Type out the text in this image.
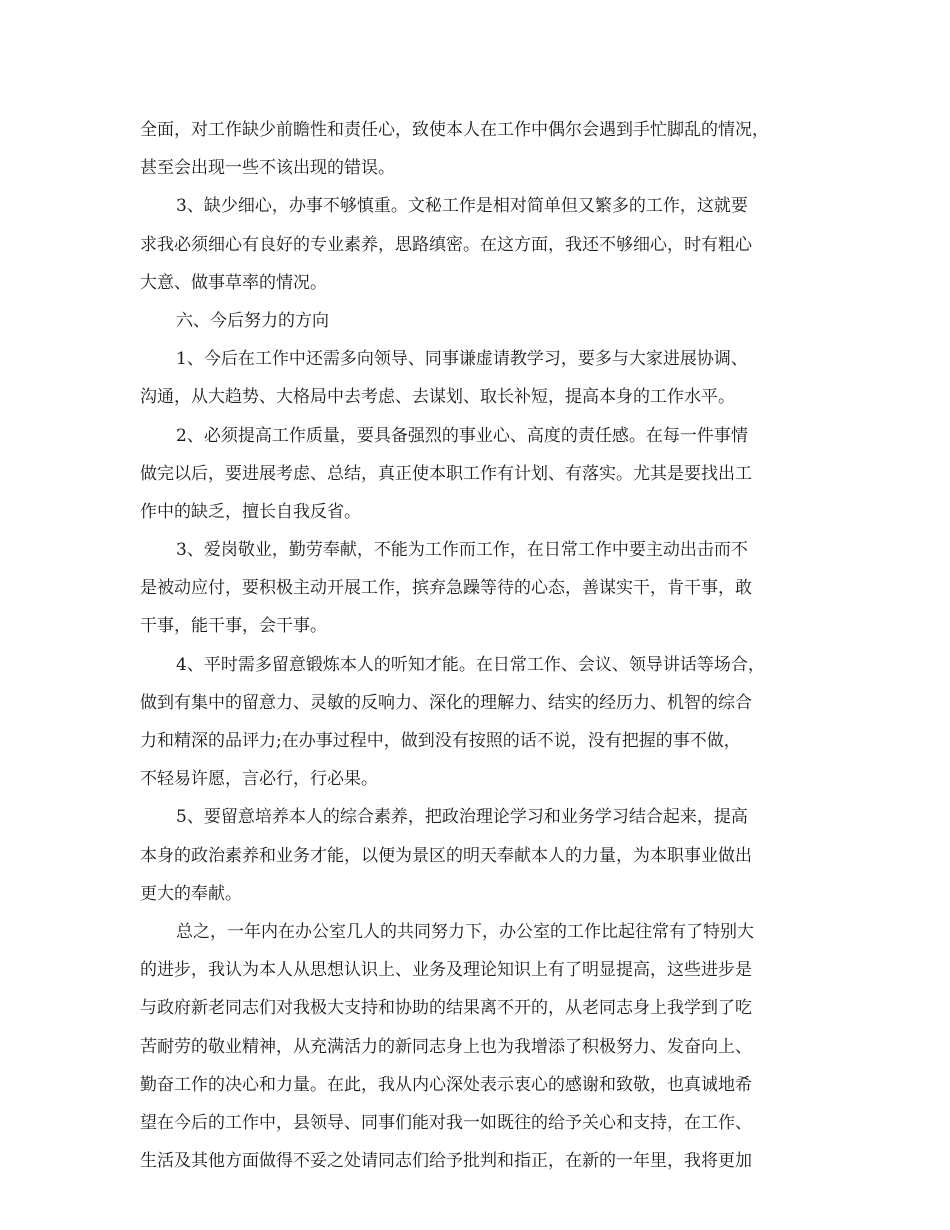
全面，对工作缺少前瞻性和责任心，致使本人在工作中偶尔会遇到手忙脚乱的情况，
甚至会出现一些不该出现的错误。
3、缺少细心，办事不够慎重。文秘工作是相对简单但又繁多的工作，这就要
求我必须细心有良好的专业素养，思路缜密。在这方面，我还不够细心，时有粗心
大意、做事草率的情况。
六、今后努力的方向
1、今后在工作中还需多向领导、同事谦虚请教学习，要多与大家进展协调、
沟通，从大趋势、大格局中去考虑、去谋划、取长补短，提高本身的工作水平。
2、必须提高工作质量，要具备强烈的事业心、高度的责任感。在每一件事情
做完以后，要进展考虑、总结，真正使本职工作有计划、有落实。尤其是要找出工
作中的缺乏，擅长自我反省。
3、爱岗敬业，勤劳奉献，不能为工作而工作，在日常工作中要主动出击而不
是被动应付，要积极主动开展工作，摈弃急躁等待的心态，善谋实干，肯干事，敢
干事，能干事，会干事。
4、平时需多留意锻炼本人的听知才能。在日常工作、会议、领导讲话等场合，
做到有集中的留意力、灵敏的反响力、深化的理解力、结实的经历力、机智的综合
力和精深的品评力;在办事过程中，做到没有按照的话不说，没有把握的事不做，
不轻易许愿，言必行，行必果。
5、要留意培养本人的综合素养，把政治理论学习和业务学习结合起来，提高
本身的政治素养和业务才能，以便为景区的明天奉献本人的力量，为本职事业做出
更大的奉献。
总之，一年内在办公室几人的共同努力下，办公室的工作比起往常有了特别大
的进步，我认为本人从思想认识上、业务及理论知识上有了明显提高，这些进步是
与政府新老同志们对我极大支持和协助的结果离不开的，从老同志身上我学到了吃
苦耐劳的敬业精神，从充满活力的新同志身上也为我增添了积极努力、发奋向上、
勤奋工作的决心和力量。在此，我从内心深处表示衷心的感谢和致敬，也真诚地希
望在今后的工作中，县领导、同事们能对我一如既往的给予关心和支持，在工作、
生活及其他方面做得不妥之处请同志们给予批判和指正，在新的一年里，我将更加
